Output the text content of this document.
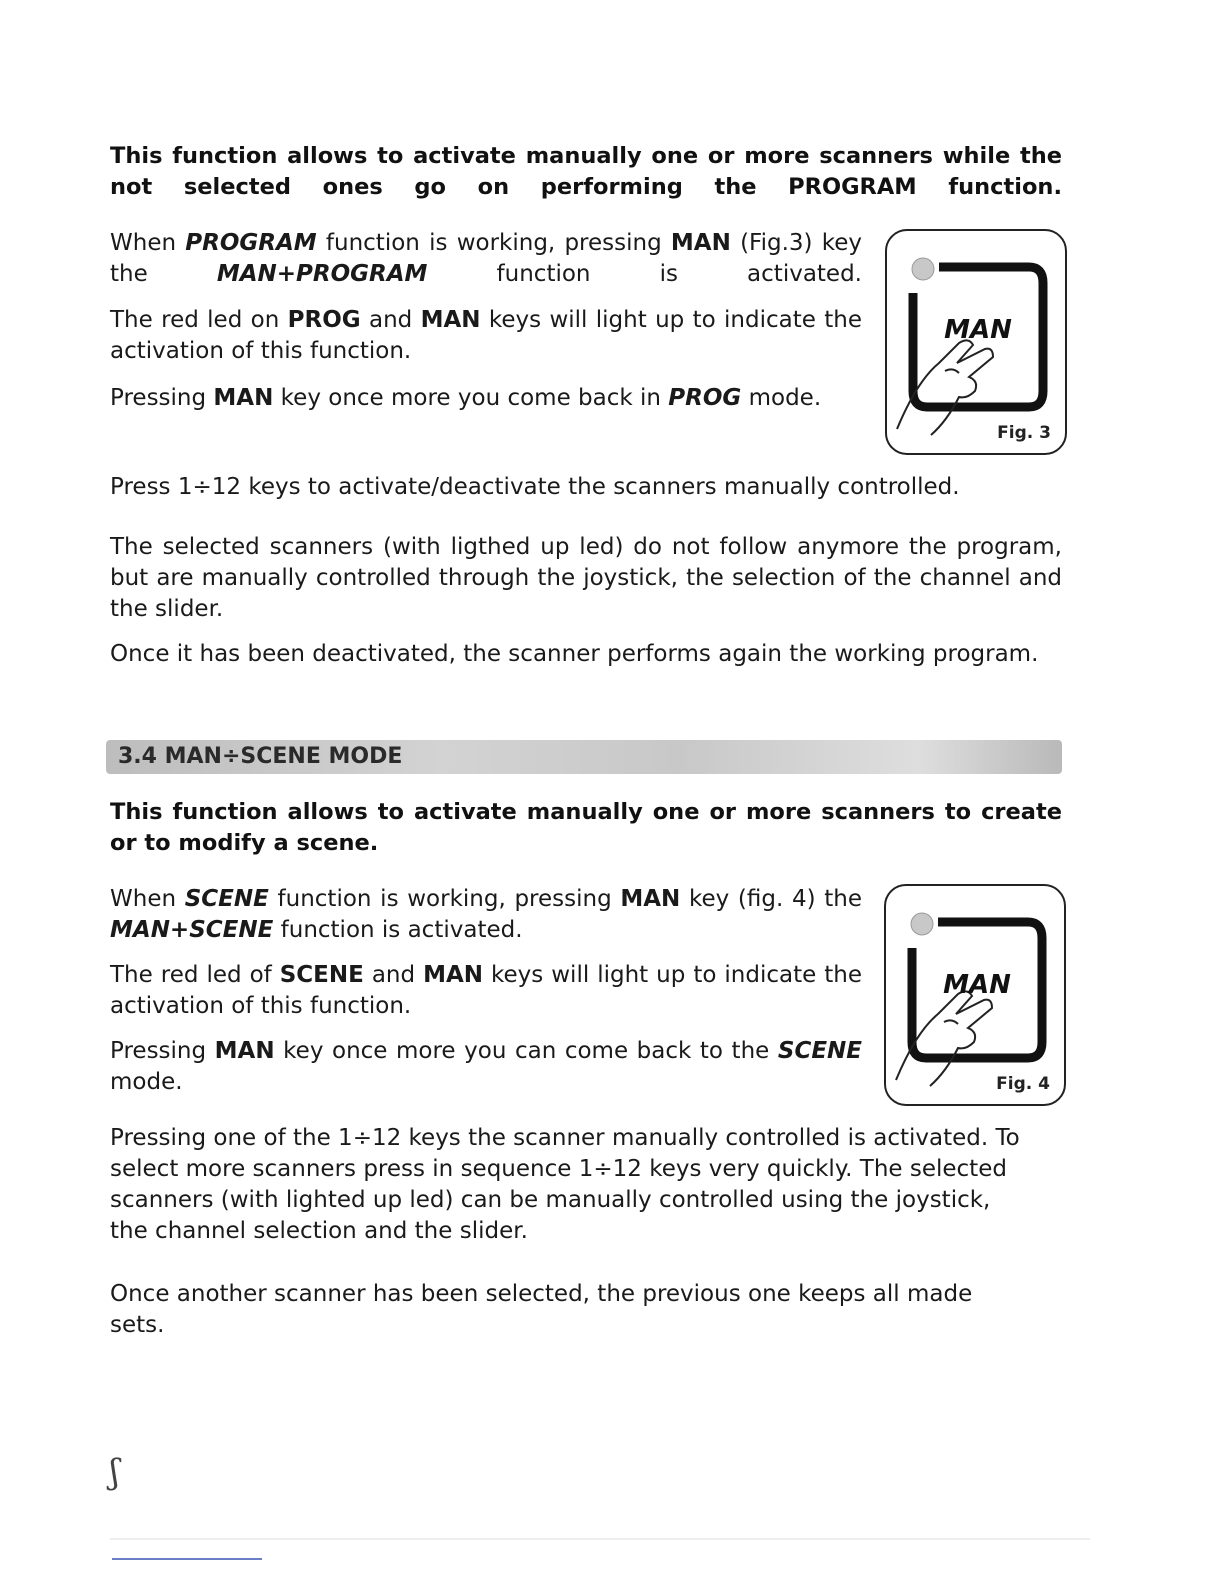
This function allows to activate manually one or more scanners while the not selected ones go on performing the PROGRAM function.

When PROGRAM function is working, pressing MAN (Fig.3) key the MAN+PROGRAM function is activated.

The red led on PROG and MAN keys will light up to indicate the activation of this function.

Pressing MAN key once more you come back in PROG mode.

MAN
Fig. 3

Press 1÷12 keys to activate/deactivate the scanners manually controlled.

The selected scanners (with ligthed up led) do not follow anymore the program, but are manually controlled through the joystick, the selection of the channel and the slider.

Once it has been deactivated, the scanner performs again the working program.

3.4 MAN÷SCENE MODE

This function allows to activate manually one or more scanners to create or to modify a scene.

When SCENE function is working, pressing MAN key (fig. 4) the MAN+SCENE function is activated.

The red led of SCENE and MAN keys will light up to indicate the activation of this function.

Pressing MAN key once more you can come back to the SCENE mode.

MAN
Fig. 4

Pressing one of the 1÷12 keys the scanner manually controlled is activated. To select more scanners press in sequence 1÷12 keys very quickly. The selected scanners (with lighted up led) can be manually controlled using the joystick, the channel selection and the slider.

Once another scanner has been selected, the previous one keeps all made sets.

ʃ
